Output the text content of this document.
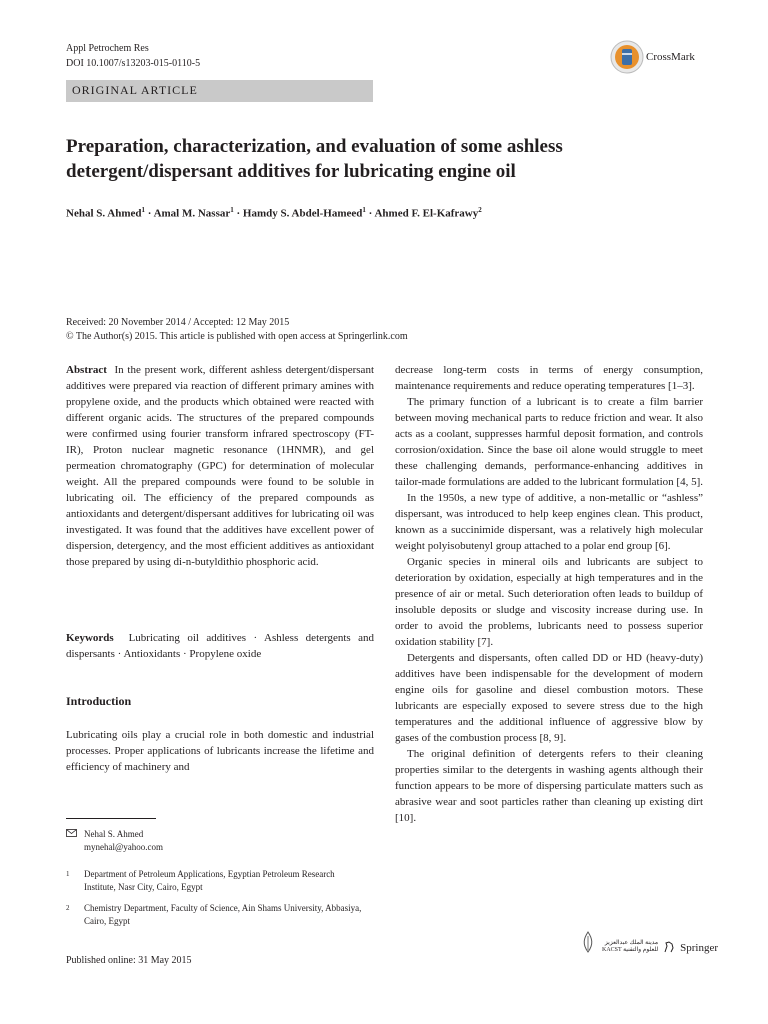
Appl Petrochem Res
DOI 10.1007/s13203-015-0110-5
CrossMark
ORIGINAL ARTICLE
Preparation, characterization, and evaluation of some ashless detergent/dispersant additives for lubricating engine oil
Nehal S. Ahmed$^1$ · Amal M. Nassar$^1$ · Hamdy S. Abdel-Hameed$^1$ · Ahmed F. El-Kafrawy$^2$
Received: 20 November 2014 / Accepted: 12 May 2015
© The Author(s) 2015. This article is published with open access at Springerlink.com

Abstract In the present work, different ashless detergent/dispersant additives were prepared via reaction of different primary amines with propylene oxide, and the products which obtained were reacted with different organic acids. The structures of the prepared compounds were confirmed using fourier transform infrared spectroscopy (FT-IR), Proton nuclear magnetic resonance (1HNMR), and gel permeation chromatography (GPC) for determination of molecular weight. All the prepared compounds were found to be soluble in lubricating oil. The efficiency of the prepared compounds as antioxidants and detergent/dispersant additives for lubricating oil was investigated. It was found that the additives have excellent power of dispersion, detergency, and the most efficient additives as antioxidant those prepared by using di-n-butyldithio phosphoric acid.

Keywords Lubricating oil additives · Ashless detergents and dispersants · Antioxidants · Propylene oxide

Introduction

Lubricating oils play a crucial role in both domestic and industrial processes. Proper applications of lubricants increase the lifetime and efficiency of machinery and

decrease long-term costs in terms of energy consumption, maintenance requirements and reduce operating temperatures [1–3].

The primary function of a lubricant is to create a film barrier between moving mechanical parts to reduce friction and wear. It also acts as a coolant, suppresses harmful deposit formation, and controls corrosion/oxidation. Since the base oil alone would struggle to meet these challenging demands, performance-enhancing additives in tailor-made formulations are added to the lubricant formulation [4, 5].

In the 1950s, a new type of additive, a non-metallic or “ashless” dispersant, was introduced to help keep engines clean. This product, known as a succinimide dispersant, was a relatively high molecular weight polyisobutenyl group attached to a polar end group [6].

Organic species in mineral oils and lubricants are subject to deterioration by oxidation, especially at high temperatures and in the presence of air or metal. Such deterioration often leads to buildup of insoluble deposits or sludge and viscosity increase during use. In order to avoid the problems, lubricants need to possess superior oxidation stability [7].

Detergents and dispersants, often called DD or HD (heavy-duty) additives have been indispensable for the development of modern engine oils for gasoline and diesel combustion motors. These lubricants are especially exposed to severe stress due to the high temperatures and the additional influence of aggressive blow by gases of the combustion process [8, 9].

The original definition of detergents refers to their cleaning properties similar to the detergents in washing agents although their function appears to be more of dispersing particulate matters such as abrasive wear and soot particles rather than cleaning up existing dirt [10].

Nehal S. Ahmed
mynehal@yahoo.com
1	Department of Petroleum Applications, Egyptian Petroleum Research Institute, Nasr City, Cairo, Egypt
2	Chemistry Department, Faculty of Science, Ain Shams University, Abbasiya, Cairo, Egypt
Published online: 31 May 2015
مدينة الملك عبدالعزيز
KACST للعلوم والتقنية Springer
